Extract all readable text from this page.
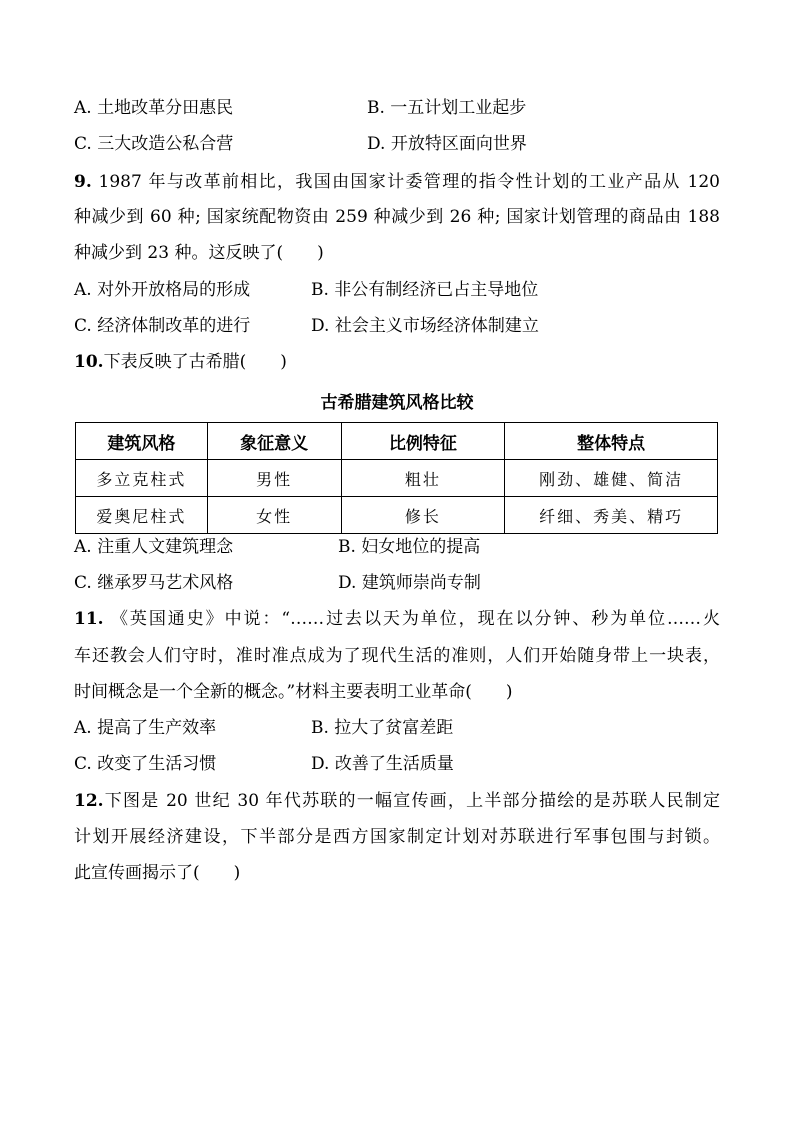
A. 土地改革分田惠民	B. 一五计划工业起步
C. 三大改造公私合营	D. 开放特区面向世界
9. 1987 年与改革前相比，我国由国家计委管理的指令性计划的工业产品从 120
种减少到 60 种; 国家统配物资由 259 种减少到 26 种; 国家计划管理的商品由 188
种减少到 23 种。这反映了(　　)
A. 对外开放格局的形成	B. 非公有制经济已占主导地位
C. 经济体制改革的进行	D. 社会主义市场经济体制建立
10.下表反映了古希腊(　　)
古希腊建筑风格比较
建筑风格	象征意义	比例特征	整体特点
多立克柱式	男性	粗壮	刚劲、雄健、简洁
爱奥尼柱式	女性	修长	纤细、秀美、精巧
A. 注重人文建筑理念	B. 妇女地位的提高
C. 继承罗马艺术风格	D. 建筑师崇尚专制
11. 《英国通史》中说：“……过去以天为单位，现在以分钟、秒为单位……火
车还教会人们守时，准时准点成为了现代生活的准则，人们开始随身带上一块表，
时间概念是一个全新的概念。”材料主要表明工业革命(　　)
A. 提高了生产效率	B. 拉大了贫富差距
C. 改变了生活习惯	D. 改善了生活质量
12.下图是 20 世纪 30 年代苏联的一幅宣传画，上半部分描绘的是苏联人民制定
计划开展经济建设，下半部分是西方国家制定计划对苏联进行军事包围与封锁。
此宣传画揭示了(　　)
